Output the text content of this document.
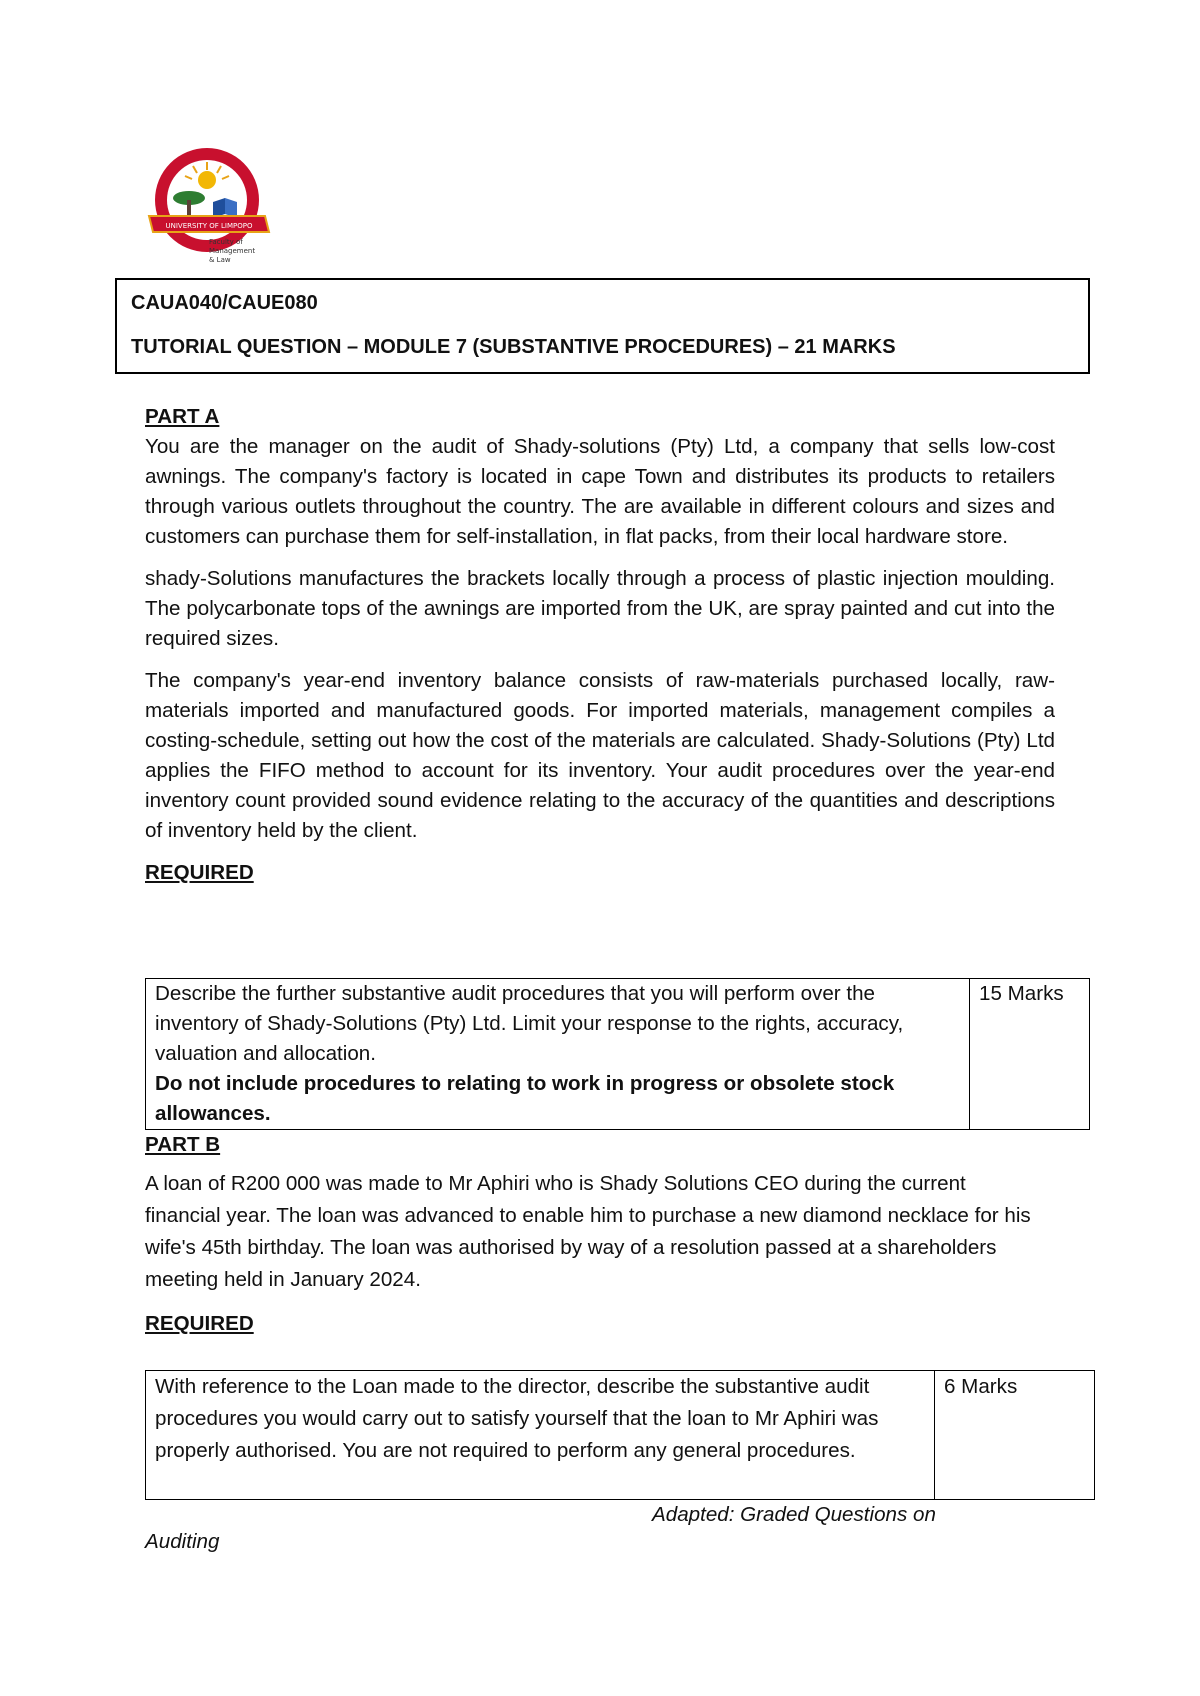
UNIVERSITY OF LIMPOPO
Faculty of
Management
& Law
CAUA040/CAUE080
TUTORIAL QUESTION – MODULE 7 (SUBSTANTIVE PROCEDURES) – 21 MARKS

PART A

You are the manager on the audit of Shady-solutions (Pty) Ltd, a company that sells low-cost awnings. The company's factory is located in cape Town and distributes its products to retailers through various outlets throughout the country. The are available in different colours and sizes and customers can purchase them for self-installation, in flat packs, from their local hardware store.

shady-Solutions manufactures the brackets locally through a process of plastic injection moulding. The polycarbonate tops of the awnings are imported from the UK, are spray painted and cut into the required sizes.

The company's year-end inventory balance consists of raw-materials purchased locally, raw-materials imported and manufactured goods. For imported materials, management compiles a costing-schedule, setting out how the cost of the materials are calculated. Shady-Solutions (Pty) Ltd applies the FIFO method to account for its inventory. Your audit procedures over the year-end inventory count provided sound evidence relating to the accuracy of the quantities and descriptions of inventory held by the client.

REQUIRED

Describe the further substantive audit procedures that you will perform over the inventory of Shady-Solutions (Pty) Ltd. Limit your response to the rights, accuracy, valuation and allocation.
Do not include procedures to relating to work in progress or obsolete stock allowances.
	15 Marks

PART B

A loan of R200 000 was made to Mr Aphiri who is Shady Solutions CEO during the current financial year. The loan was advanced to enable him to purchase a new diamond necklace for his wife's 45th birthday. The loan was authorised by way of a resolution passed at a shareholders meeting held in January 2024.

REQUIRED

With reference to the Loan made to the director, describe the substantive audit procedures you would carry out to satisfy yourself that the loan to Mr Aphiri was properly authorised. You are not required to perform any general procedures.
	6 Marks
Adapted: Graded Questions on
Auditing
